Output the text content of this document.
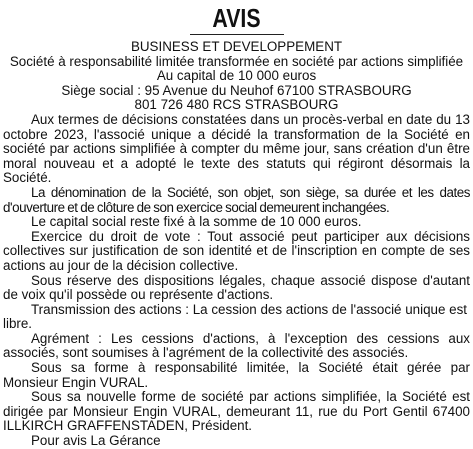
AVIS
BUSINESS ET DEVELOPPEMENT
Société à responsabilité limitée transformée en société par actions simplifiée
Au capital de 10 000 euros
Siège social : 95 Avenue du Neuhof 67100 STRASBOURG
801 726 480 RCS STRASBOURG

Aux termes de décisions constatées dans un procès-verbal en date du 13 octobre 2023, l'associé unique a décidé la transformation de la Société en société par actions simplifiée à compter du même jour, sans création d'un être moral nouveau et a adopté le texte des statuts qui régiront désormais la Société.

La dénomination de la Société, son objet, son siège, sa durée et les dates d'ouverture et de clôture de son exercice social demeurent inchangées.

Le capital social reste fixé à la somme de 10 000 euros.

Exercice du droit de vote : Tout associé peut participer aux décisions collectives sur justification de son identité et de l'inscription en compte de ses actions au jour de la décision collective.

Sous réserve des dispositions légales, chaque associé dispose d'autant de voix qu'il possède ou représente d'actions.

Transmission des actions : La cession des actions de l'associé unique est libre.

Agrément : Les cessions d'actions, à l'exception des cessions aux associés, sont soumises à l'agrément de la collectivité des associés.

Sous sa forme à responsabilité limitée, la Société était gérée par Monsieur Engin VURAL.

Sous sa nouvelle forme de société par actions simplifiée, la Société est dirigée par Monsieur Engin VURAL, demeurant 11, rue du Port Gentil 67400 ILLKIRCH GRAFFENSTADEN, Président.

Pour avis La Gérance
